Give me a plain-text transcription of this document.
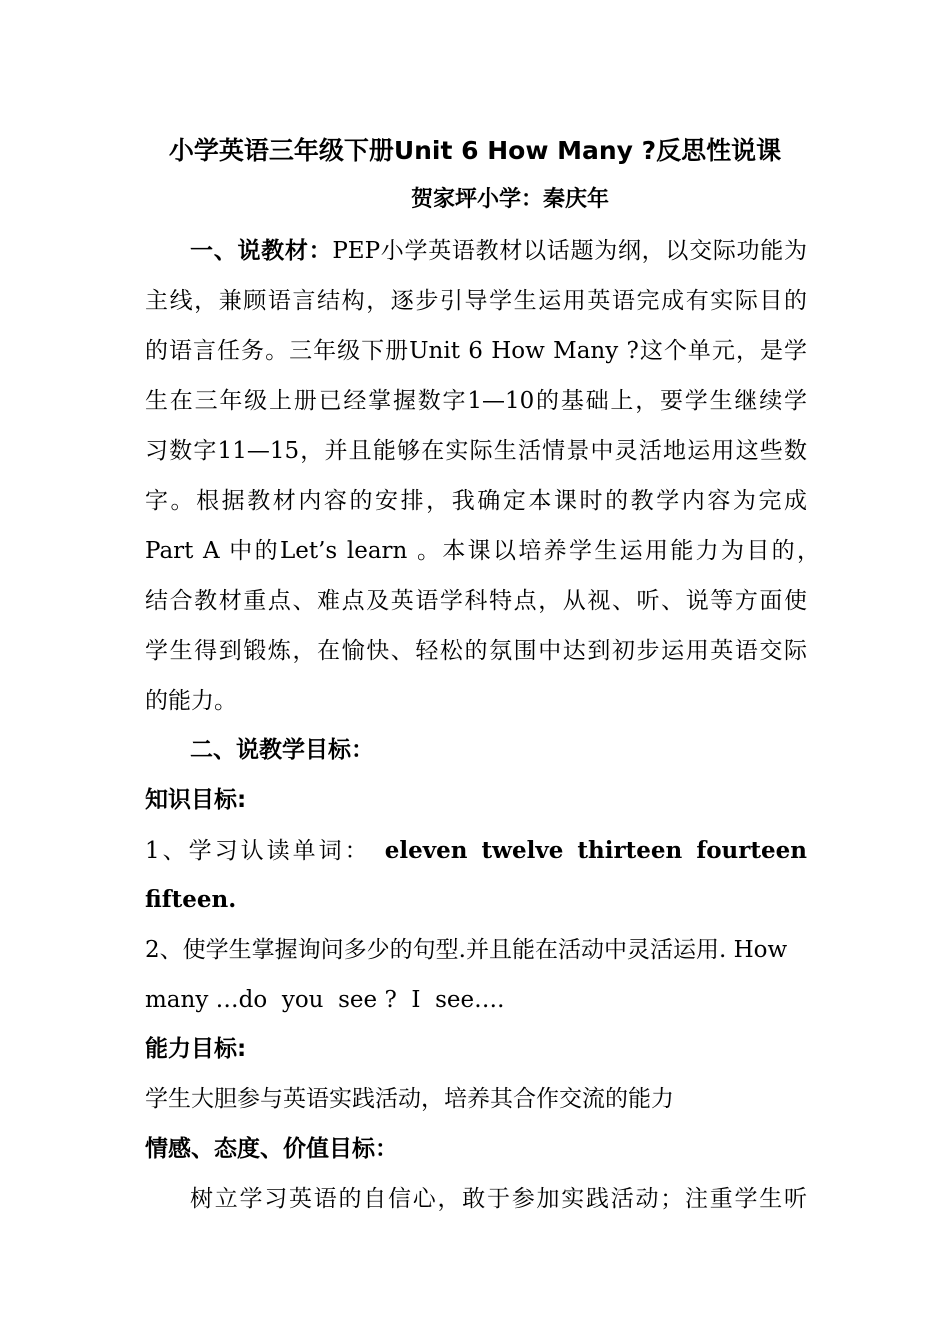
小学英语三年级下册Unit 6 How Many ?反思性说课
贺家坪小学：秦庆年
一、说教材：PEP小学英语教材以话题为纲，以交际功能为
主线，兼顾语言结构，逐步引导学生运用英语完成有实际目的
的语言任务。三年级下册Unit 6 How Many ?这个单元，是学
生在三年级上册已经掌握数字1—10的基础上，要学生继续学
习数字11—15，并且能够在实际生活情景中灵活地运用这些数
字。根据教材内容的安排，我确定本课时的教学内容为完成
Part A 中的Let’s learn 。本课以培养学生运用能力为目的，
结合教材重点、难点及英语学科特点，从视、听、说等方面使
学生得到锻炼，在愉快、轻松的氛围中达到初步运用英语交际
的能力。
二、说教学目标：
知识目标:
1、学习认读单词： eleven twelve thirteen fourteen
fifteen.
2、使学生掌握询问多少的句型.并且能在活动中灵活运用. How
many …do  you  see ?  I  see….
能力目标:
学生大胆参与英语实践活动，培养其合作交流的能力
情感、态度、价值目标：
树立学习英语的自信心，敢于参加实践活动；注重学生听
